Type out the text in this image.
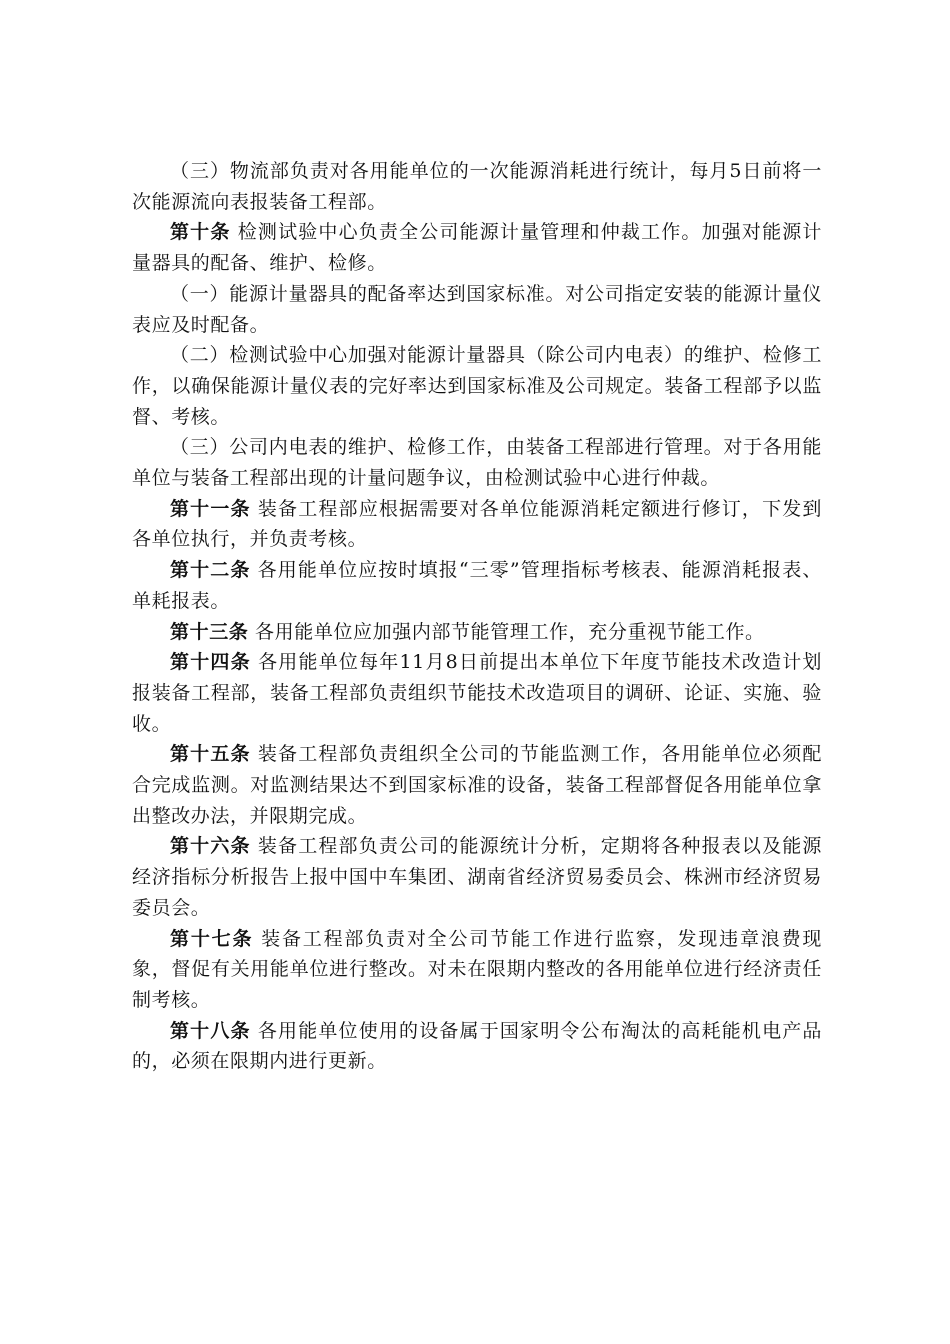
（三）物流部负责对各用能单位的一次能源消耗进行统计，每月5日前将一次能源流向表报装备工程部。

第十条 检测试验中心负责全公司能源计量管理和仲裁工作。加强对能源计量器具的配备、维护、检修。

（一）能源计量器具的配备率达到国家标准。对公司指定安装的能源计量仪表应及时配备。

（二）检测试验中心加强对能源计量器具（除公司内电表）的维护、检修工作，以确保能源计量仪表的完好率达到国家标准及公司规定。装备工程部予以监督、考核。

（三）公司内电表的维护、检修工作，由装备工程部进行管理。对于各用能单位与装备工程部出现的计量问题争议，由检测试验中心进行仲裁。

第十一条 装备工程部应根据需要对各单位能源消耗定额进行修订，下发到各单位执行，并负责考核。

第十二条 各用能单位应按时填报“三零”管理指标考核表、能源消耗报表、单耗报表。

第十三条 各用能单位应加强内部节能管理工作，充分重视节能工作。

第十四条 各用能单位每年11月8日前提出本单位下年度节能技术改造计划报装备工程部，装备工程部负责组织节能技术改造项目的调研、论证、实施、验收。

第十五条 装备工程部负责组织全公司的节能监测工作，各用能单位必须配合完成监测。对监测结果达不到国家标准的设备，装备工程部督促各用能单位拿出整改办法，并限期完成。

第十六条 装备工程部负责公司的能源统计分析，定期将各种报表以及能源经济指标分析报告上报中国中车集团、湖南省经济贸易委员会、株洲市经济贸易委员会。

第十七条 装备工程部负责对全公司节能工作进行监察，发现违章浪费现象，督促有关用能单位进行整改。对未在限期内整改的各用能单位进行经济责任制考核。

第十八条 各用能单位使用的设备属于国家明令公布淘汰的高耗能机电产品的，必须在限期内进行更新。
